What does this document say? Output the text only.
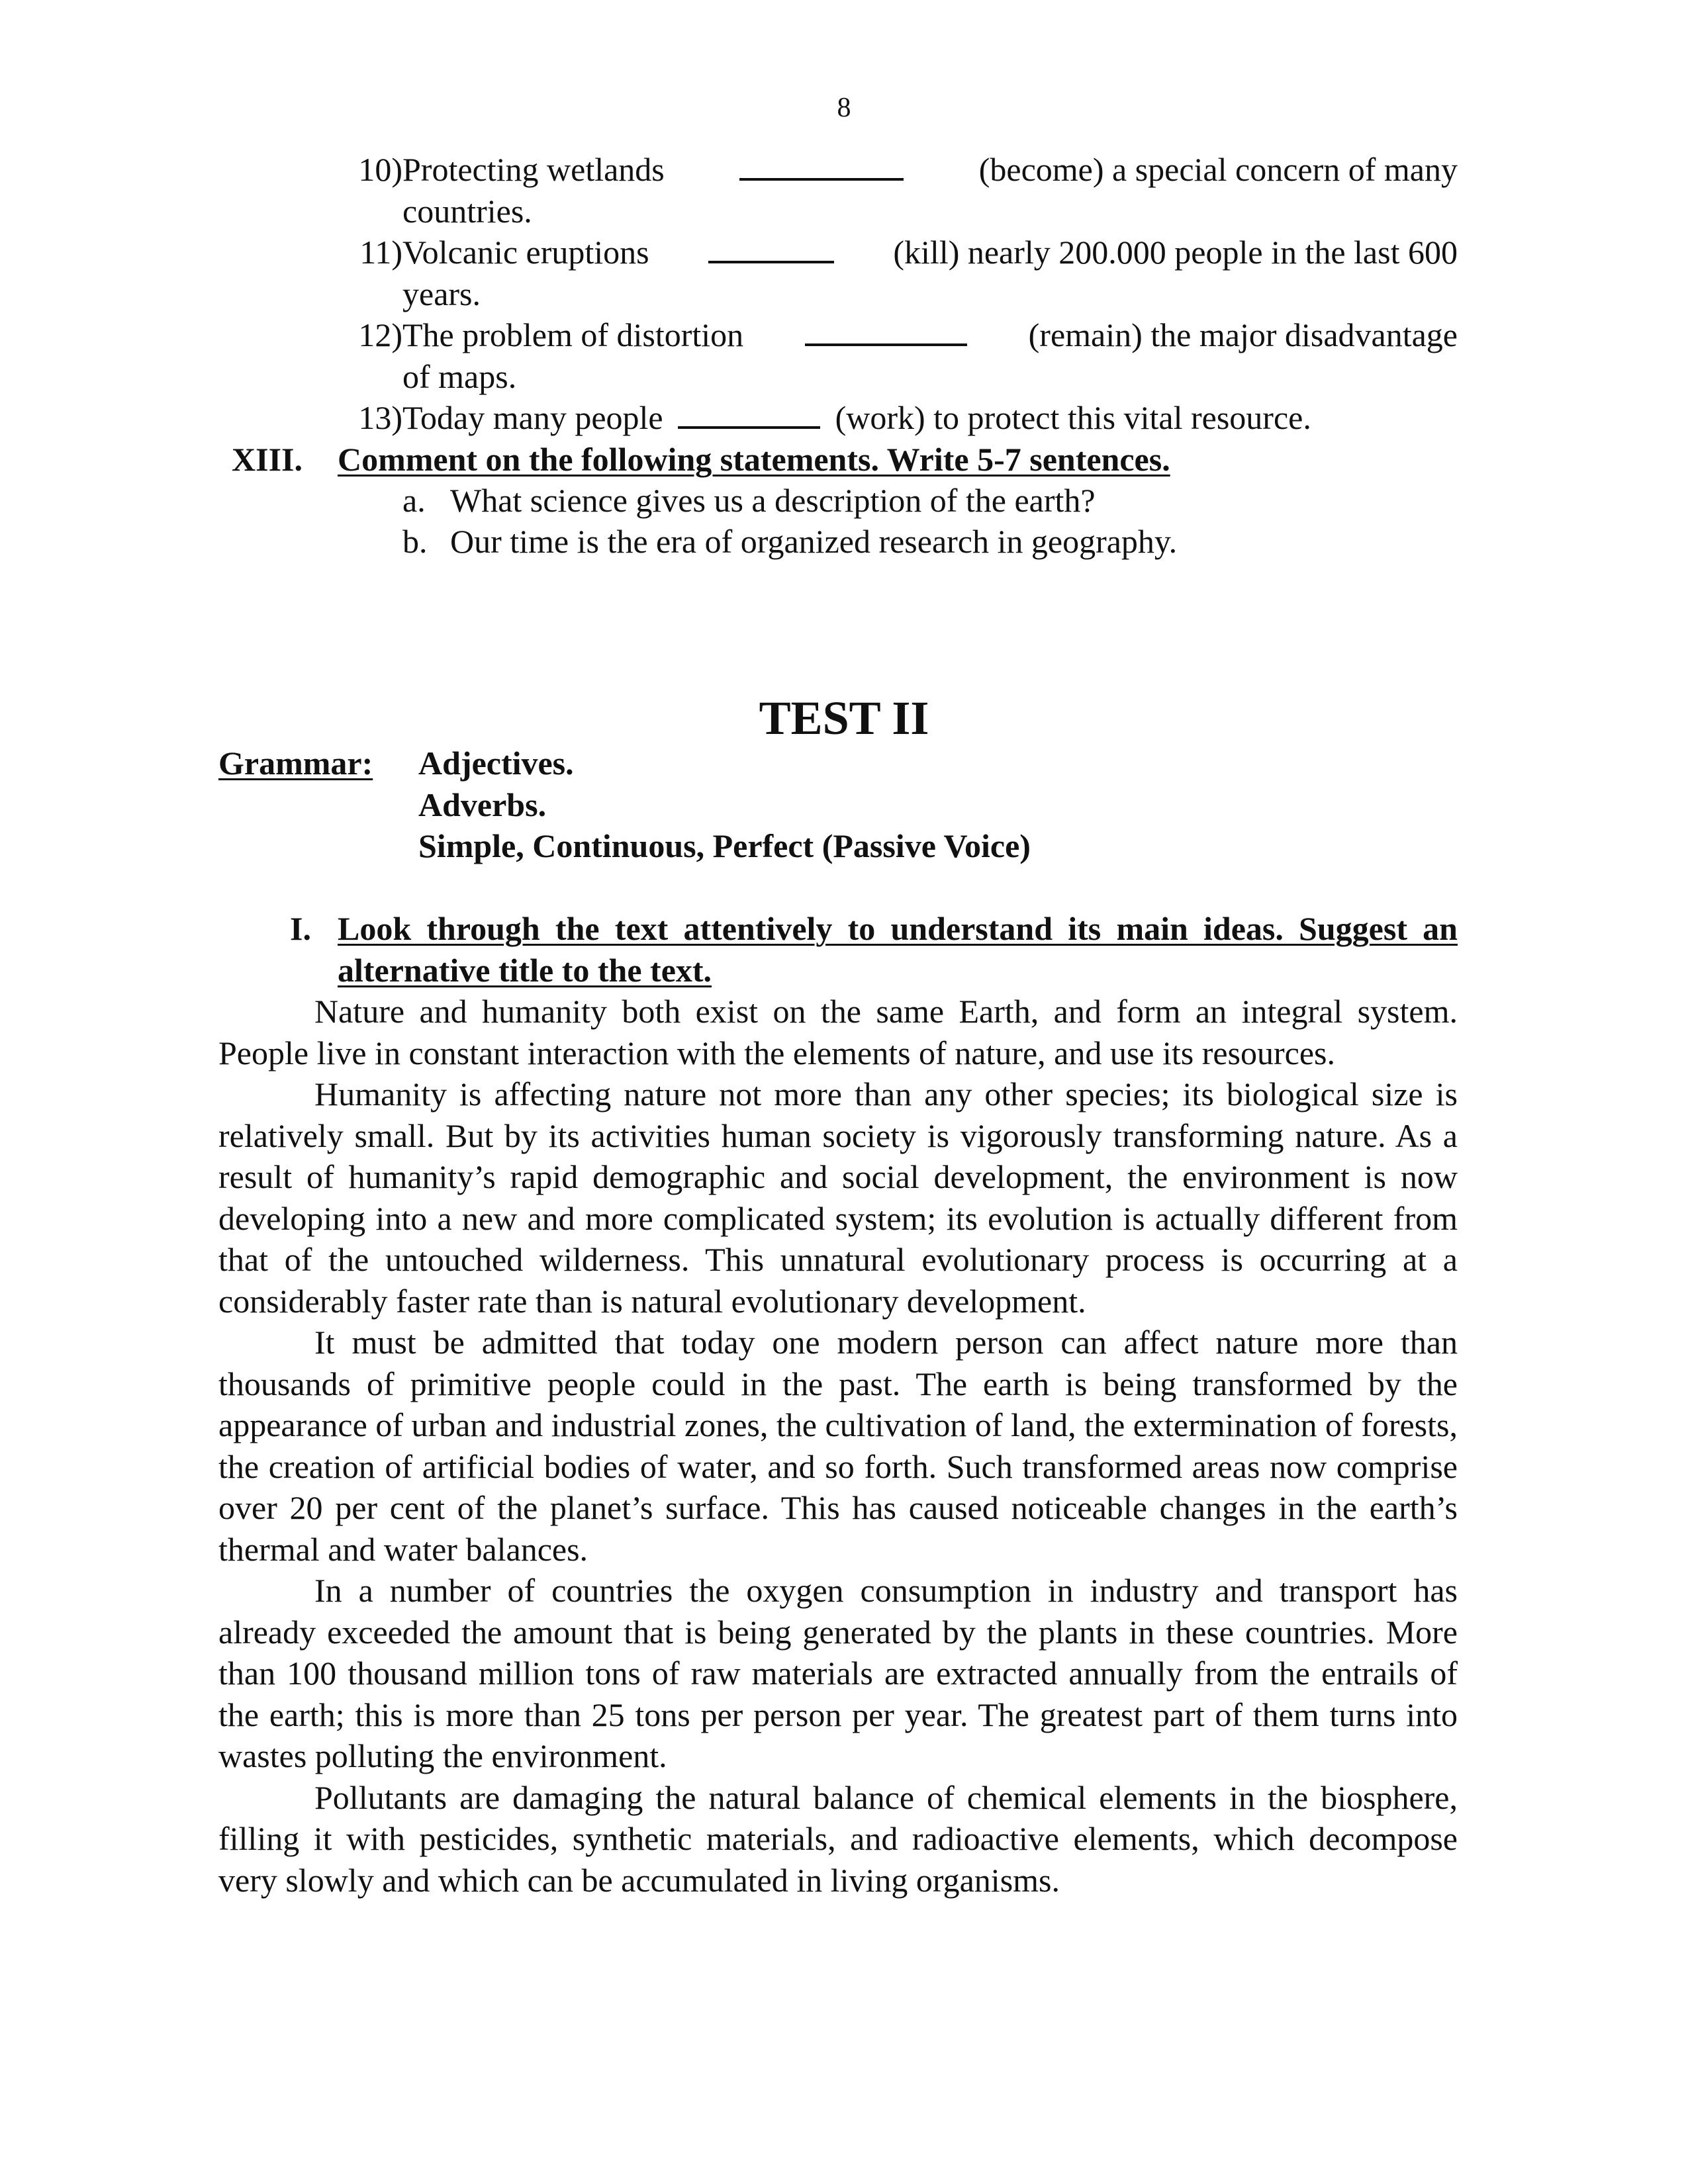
8
10) Protecting wetlands	(become) a special concern of many
countries.
11) Volcanic eruptions	(kill) nearly 200.000 people in the last 600
years.
12) The problem of distortion	(remain) the major disadvantage
of maps.
13) Today many people	(work) to protect this vital resource.
XIII. Comment on the following statements. Write 5-7 sentences.
a. What science gives us a description of the earth?
b. Our time is the era of organized research in geography.
TEST II
Grammar: Adjectives.
Adverbs.
Simple, Continuous, Perfect (Passive Voice)
I. Look through the text attentively to understand its main ideas. Suggest an alternative title to the text.

Nature and humanity both exist on the same Earth, and form an integral system. People live in constant interaction with the elements of nature, and use its resources.

Humanity is affecting nature not more than any other species; its biological size is relatively small. But by its activities human society is vigorously transforming nature. As a result of humanity’s rapid demographic and social development, the environment is now developing into a new and more complicated system; its evolution is actually different from that of the untouched wilderness. This unnatural evolutionary process is occurring at a considerably faster rate than is natural evolutionary development.

It must be admitted that today one modern person can affect nature more than thousands of primitive people could in the past. The earth is being transformed by the appearance of urban and industrial zones, the cultivation of land, the extermination of forests, the creation of artificial bodies of water, and so forth. Such transformed areas now comprise over 20 per cent of the planet’s surface. This has caused noticeable changes in the earth’s thermal and water balances.

In a number of countries the oxygen consumption in industry and transport has already exceeded the amount that is being generated by the plants in these countries. More than 100 thousand million tons of raw materials are extracted annually from the entrails of the earth; this is more than 25 tons per person per year. The greatest part of them turns into wastes polluting the environment.

Pollutants are damaging the natural balance of chemical elements in the biosphere, filling it with pesticides, synthetic materials, and radioactive elements, which decompose very slowly and which can be accumulated in living organisms.
